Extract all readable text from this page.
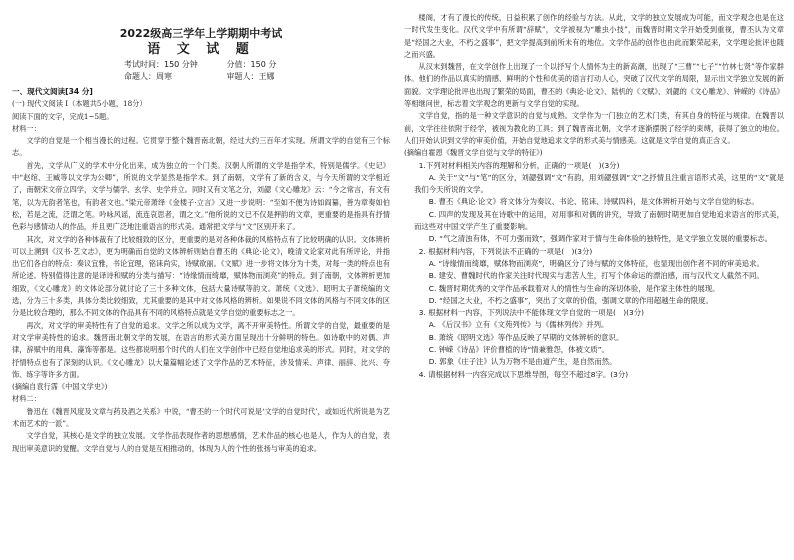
2022级高三学年上学期期中考试
语 文 试 题
考试时间：150 分钟	分值：150 分
命题人：周寒	审题人：王娜
一、现代文阅读[34 分]

(一) 现代文阅读 I（本题共5小题，18分）

阅读下面的文字，完成1~5题。

材料一：

文学的自觉是一个相当漫长的过程。它贯穿于整个魏晋南北朝，经过大约三百年才实现。所谓文学的自觉有三个标志。

首先，文学从广义的学术中分化出来，成为独立的一个门类。汉朝人所谓的文学是指学术，特别是儒学。《史记》中“赵绾、王臧等以文学为公卿”，所说的文学显然是指学术。到了南朝，文学有了新的含义，与今天所谓的文学相近了，南朝宋文帝立四学，文学与儒学、玄学、史学并立。同时又有文笔之分，刘勰《文心雕龙》云：“今之常言，有文有笔，以为无韵者笔也，有韵者文也。”梁元帝萧绎《金楼子·立言》又进一步说明：“至如不便为诗如阎纂，善为章奏如伯松，若是之流，泛谓之笔。吟咏风谣，流连哀思者，谓之文。”他所说的文已不仅是押韵的文章，更重要的是指具有抒情色彩与感情动人的作品，并且更广泛地注重语言的形式美。通常把文学与“文”区别开来了。

其次，对文学的各种体裁有了比较细致的区分，更重要的是对各种体裁的风格特点有了比较明确的认识。文体辨析可以上溯到《汉书·艺文志》，更为明确而自觉的文体辨析则始自曹丕的《典论·论文》，晚清文论家对此有所评论，并指出它们各自的特点：奏议宜雅，书论宜理，铭诔尚实，诗赋欲丽。《文赋》进一步将文体分为十类，对每一类的特点也有所论述。特别值得注意的是译诗和赋的分类与描写：“诗缘情而绮靡，赋体物而浏亮”的特点。到了南朝，文体辨析更加细致，《文心雕龙》的文体论部分就讨论了三十多种文体，包括大量诗赋等韵文。萧统《文选》、昭明太子萧统编的文选，分为三十多类，具体分类比较细致，尤其重要的是其中对文体风格的辨析。如果说不同文体的风格与不同文体的区分是比较合理的，那么不同文体的作品具有不同的风格特点就是文学自觉的重要标志之一。

再次，对文学的审美特性有了自觉的追求。文学之所以成为文学，离不开审美特性。所谓文学的自觉，最重要的是对文学审美特性的追求。魏晋南北朝文学的发展，在语言的形式美方面呈现出十分鲜明的特色。如诗歌中的对偶、声律，辞赋中的用典、藻饰等都是。这些都说明那个时代的人们在文学创作中已经自觉地追求美的形式。同时，对文学的抒情特点也有了深刻的认识。《文心雕龙》以大量篇幅论述了文学作品的艺术特征，涉及情采、声律、丽辞、比兴、夸饰、练字等许多方面。

(摘编自袁行霈《中国文学史》)

材料二：

鲁迅在《魏晋风度及文章与药及酒之关系》中说，“曹丕的一个时代可说是‘文学的自觉时代’，或如近代所说是为艺术而艺术的一派”。

文学自觉，其核心是文学的独立发展。文学作品表现作者的思想感情，艺术作品的核心也是人，作为人的自觉，表现出审美意识的觉醒。文学自觉与人的自觉是互相推动的，体现为人的个性的张扬与审美的追求。

楼阁，才有了漫长的传统，日益积累了创作的经验与方法。从此，文学的独立发展成为可能，而文学观念也是在这一时代发生变化。汉代文学中有所谓“辞赋”，文学被视为“雕虫小技”，而魏晋时期文学开始受到重视，曹丕认为文章是“经国之大业，不朽之盛事”，把文学提高到前所未有的地位。文学作品的创作也由此而繁荣起来，文学理论批评也随之而兴盛。

从汉末到魏晋，在文学创作上出现了一个以抒写个人情怀为主的新高潮，出现了“三曹”“七子”“竹林七贤”等作家群体。他们的作品以真实的情感、鲜明的个性和优美的语言打动人心，突破了汉代文学的局限，显示出文学独立发展的新面貌。文学理论批评也出现了繁荣的局面，曹丕的《典论·论文》、陆机的《文赋》、刘勰的《文心雕龙》、钟嵘的《诗品》等相继问世，标志着文学观念的更新与文学自觉的实现。

文学自觉，指的是一种文学意识的自觉与成熟。文学作为一门独立的艺术门类，有其自身的特征与规律。在魏晋以前，文学往往依附于经学，被视为教化的工具；到了魏晋南北朝，文学才逐渐摆脱了经学的束缚，获得了独立的地位。人们开始认识到文学的审美价值，开始自觉地追求文学的形式美与情感美。这就是文学自觉的真正含义。

(摘编自霍恩《魏晋文学自觉与文学的特征》)

1.下列对材料相关内容的理解和分析，正确的一项是(　)(3分)

A. 关于“文”与“笔”的区分，刘勰强调“文”有韵，用刘勰强调“文”之抒情且注重言语形式美，这里的“文”就是我们今天所说的文学。

B. 曹丕《典论·论文》将文体分为奏议、书论、铭诔、诗赋四科，是文体辨析开始与文学自觉的标志。

C. 四声的发现及其在诗歌中的运用，对用事和对偶的讲究，导致了南朝时期更加自觉地追求语言的形式美，而这些对中国文学产生了重要影响。

D. “气之清浊有体，不可力强而致”，强调作家对于情与生命体验的独特性，是文学独立发展的重要标志。

2. 根据材料内容，下列说法不正确的一项是(　)(3分)

A. “诗缘情而绮靡，赋体物而浏亮”，明确区分了诗与赋的文体特征，也显现出创作者不同的审美追求。

B. 建安、曹魏时代的作家关注时代现实与悲苦人生，打写个体命运的漂泊感，而与汉代文人截然不同。

C. 魏晋时期优秀的文学作品承载着对人的情性与生命的深切体验，是作家主体性的展现。

D. “经国之大业，不朽之盛事”，突出了文章的价值，强调文章的作用超越生命的限度。

3. 根据材料一内容，下列说法中不能体现文学自觉的一项是(　)(3分)

A. 《后汉书》立有《文苑列传》与《儒林列传》并列。

B. 萧统《昭明文选》等作品反映了早期的文体辨析的意识。

C. 钟嵘《诗品》评价曹植的诗“情兼雅怨，体被文质”。

D. 郭象《庄子注》认为万物不是由道产生，是自然而然。

4. 请根据材料一内容完成以下思维导图，每空不超过8字。(3分)
